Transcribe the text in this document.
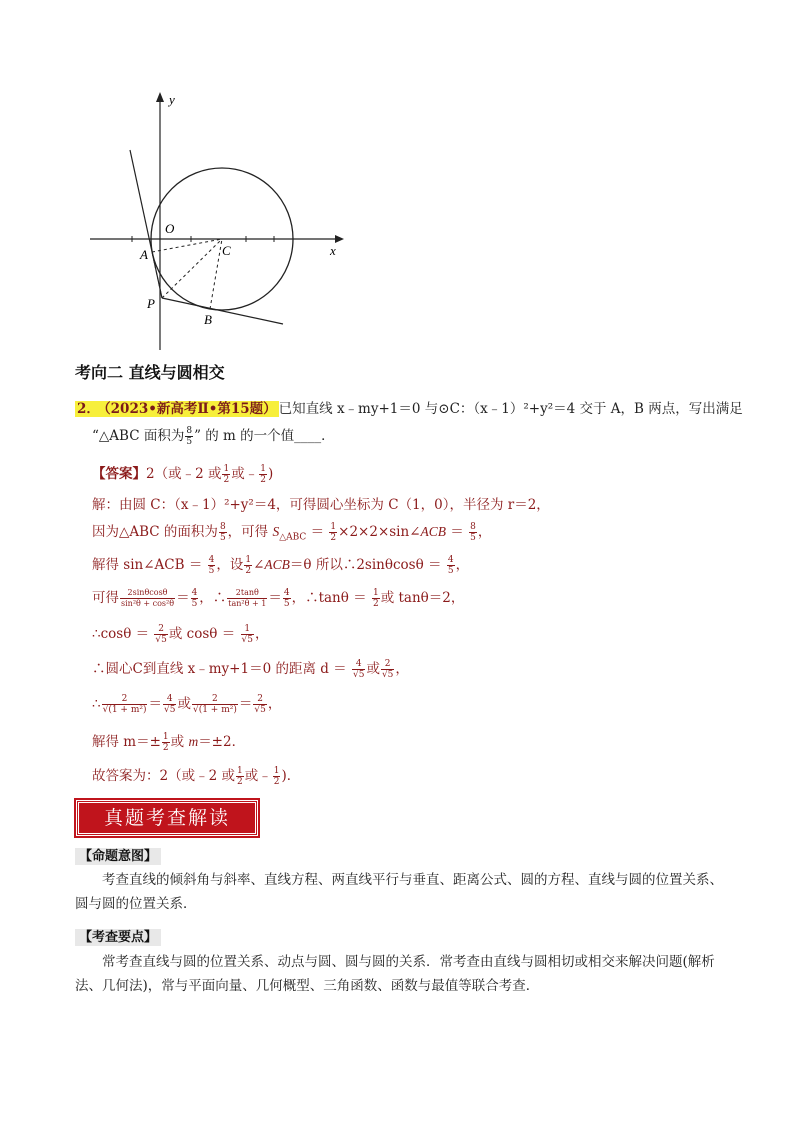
y
x
O
C
A
P
B
考向二 直线与圆相交
2． （2023•新高考Ⅱ•第15题） 已知直线 x﹣my+1＝0 与⊙C：（x﹣1）²+y²＝4 交于 A，B 两点，写出满足
“△ABC 面积为 $\frac{8}{5}$ ” 的 m 的一个值____．
【答案】2（或﹣2 或 $\frac{1}{2}$ 或﹣ $\frac{1}{2}$ )
解：由圆 C：（x﹣1）²+y²＝4，可得圆心坐标为 C（1，0），半径为 r＝2，
因为△ABC 的面积为 $\frac{8}{5}$ ，可得 $S_{\triangle ABC} = \frac{1}{2}$ ×2×2×sin∠ACB ＝ $\frac{8}{5}$ ，
解得 sin∠ACB ＝ $\frac{4}{5}$ ，设 $\frac{1}{2}$ ∠ACB＝θ 所以∴2sinθcosθ ＝ $\frac{4}{5}$ ，
可得 $\frac{2\sin\theta\cos\theta}{\text{sin²θ + cos²θ}} = \frac{4}{5}$ ，∴ $\frac{2\tan\theta}{\text{tan²θ + 1}} = \frac{4}{5}$ ，∴tanθ ＝ $\frac{1}{2}$ 或 tanθ＝2，
∴cosθ ＝ $\frac{2}{√5}$ 或 $\cos\theta = \frac{1}{√5}$ ，
∴圆心C到直线 x﹣my+1＝0 的距离 $d = \frac{4}{√5}$ 或 $\frac{2}{√5}$ ，
∴ $\frac{2}{\text{√(1 + m²)}} = \frac{4}{√5}$ 或 $\frac{2}{\text{√(1 + m²)}} = \frac{2}{√5}$ ，
解得 $m=\pm \frac{1}{2}$ 或 m＝±2．
故答案为：2（或﹣2 或 $\frac{1}{2}$ 或﹣ $\frac{1}{2}$ )．
真题考查解读
【命题意图】
考查直线的倾斜角与斜率、直线方程、两直线平行与垂直、距离公式、圆的方程、直线与圆的位置关系、圆与圆的位置关系．
【考查要点】
常考查直线与圆的位置关系、动点与圆、圆与圆的关系．常考查由直线与圆相切或相交来解决问题(解析法、几何法)，常与平面向量、几何概型、三角函数、函数与最值等联合考查．
